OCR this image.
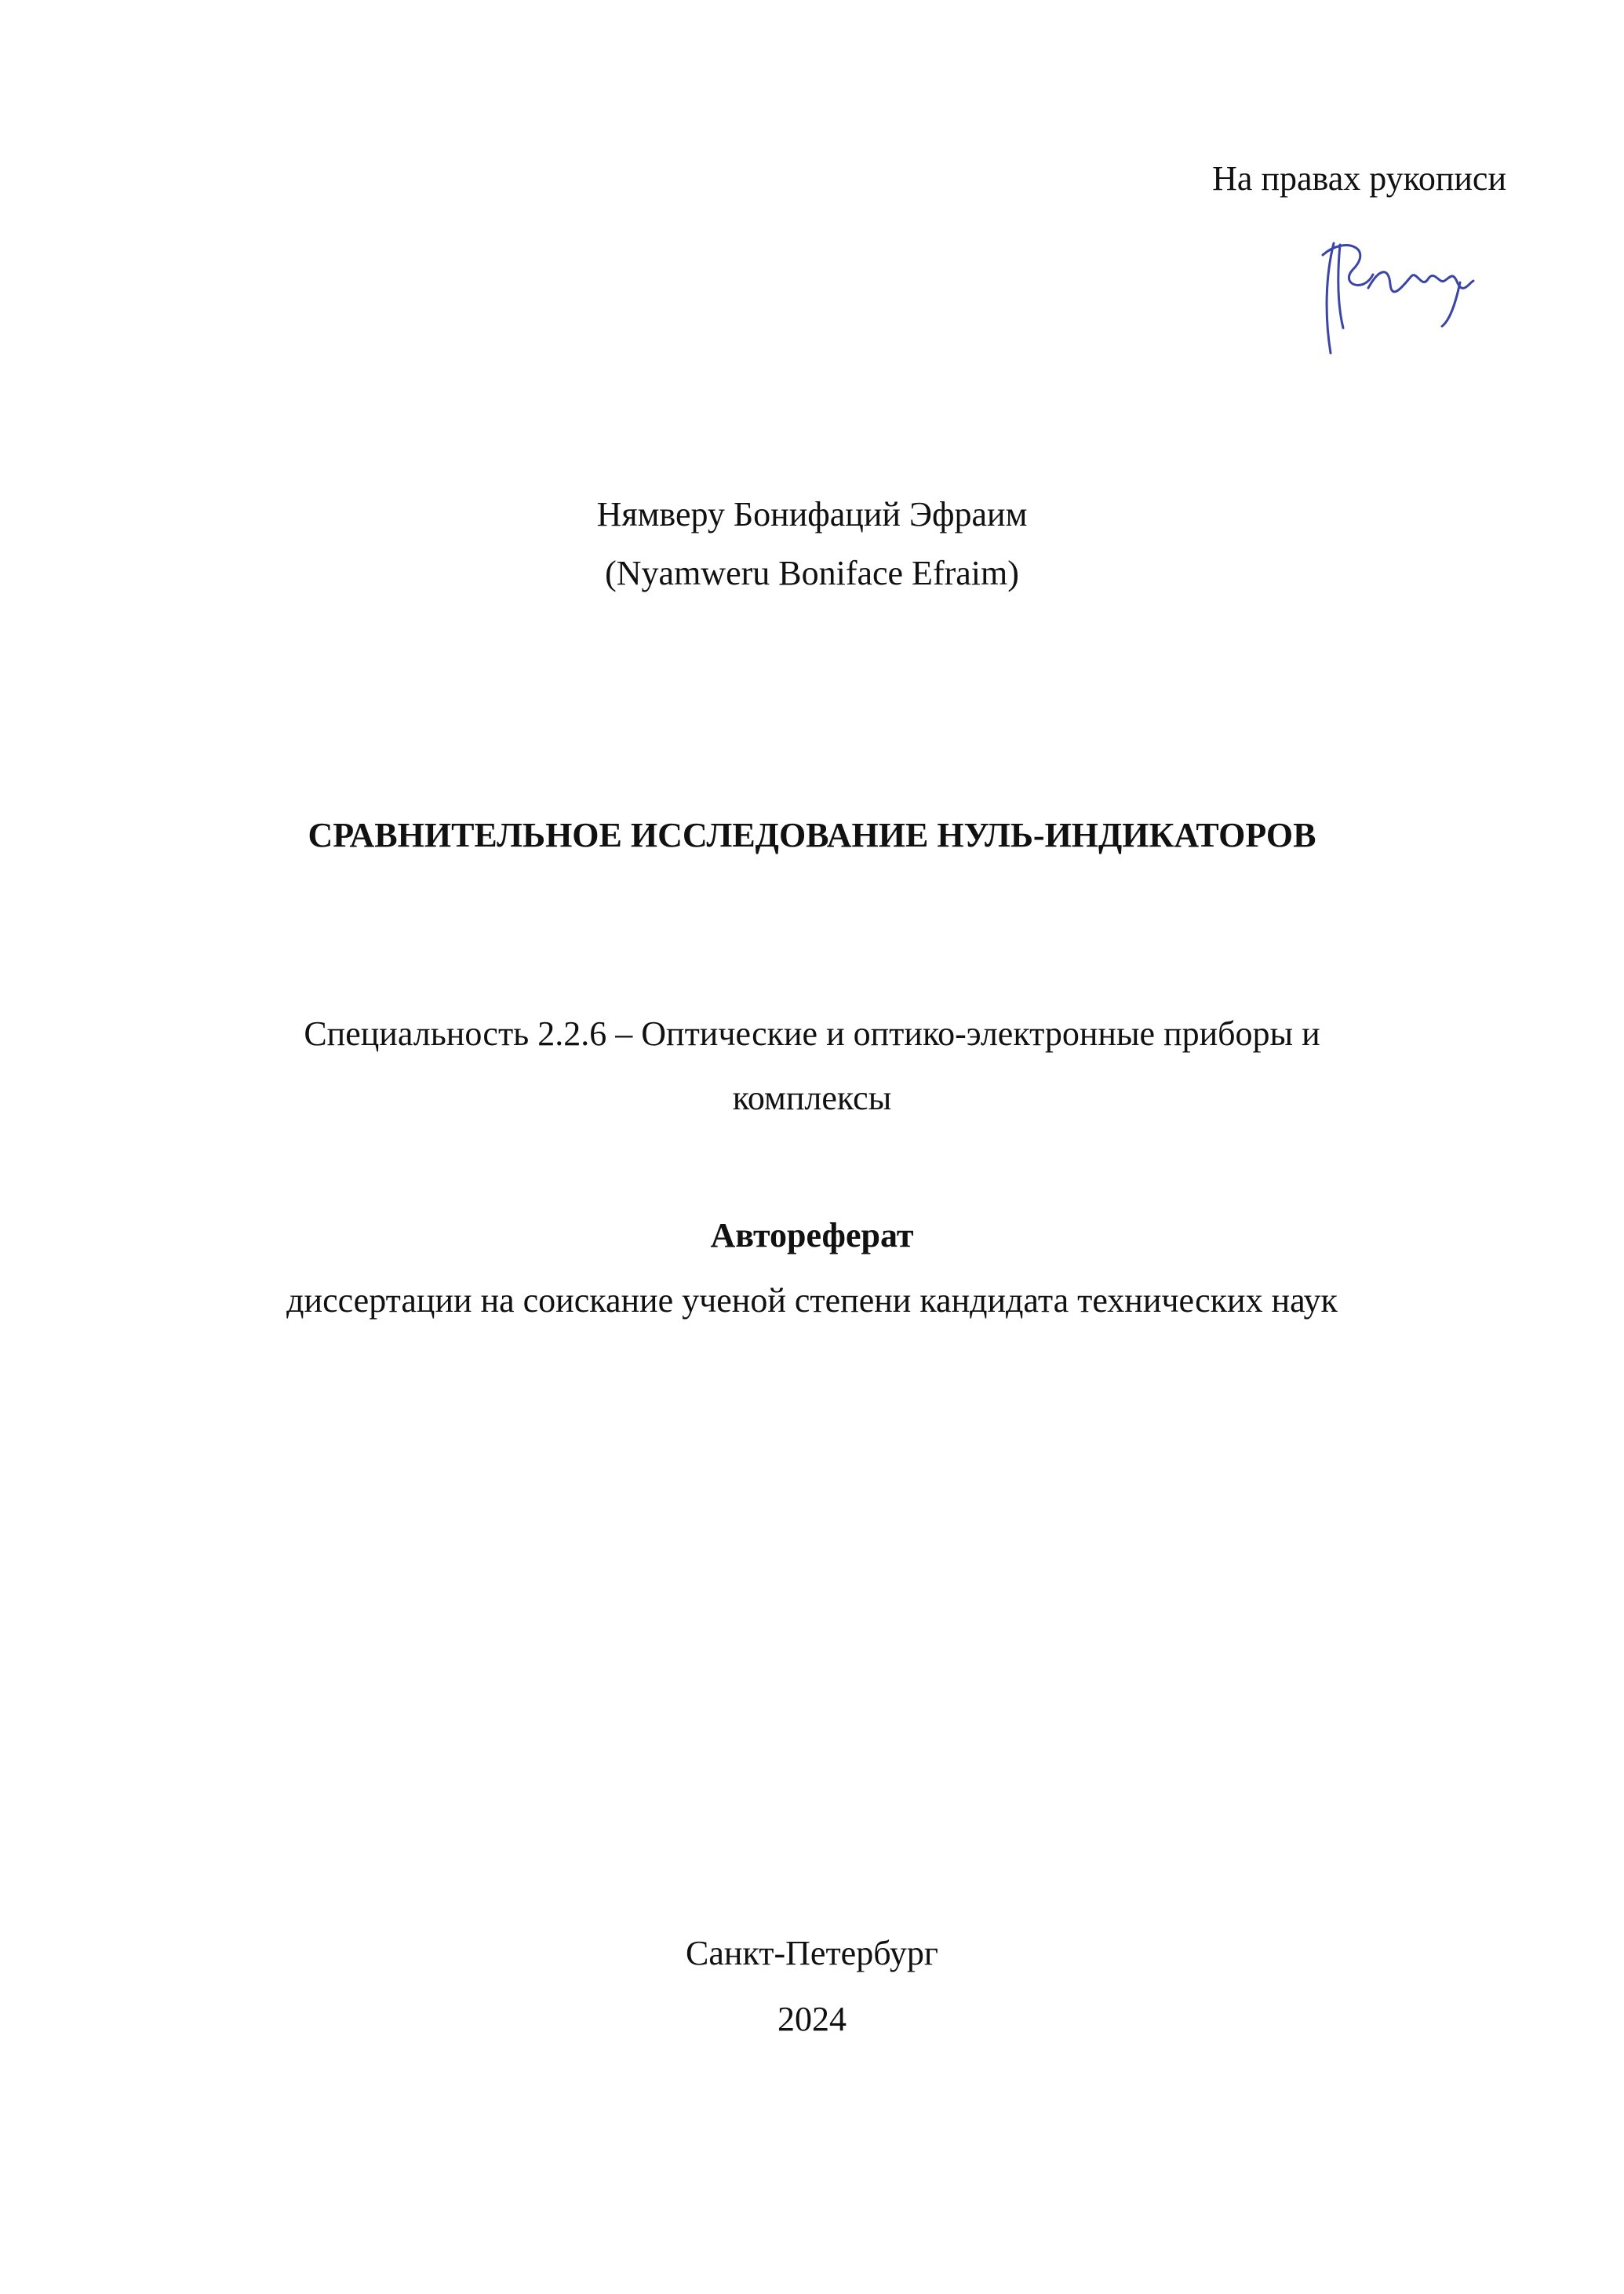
На правах рукописи
Нямверу Бонифаций Эфраим
(Nyamweru Boniface Efraim)
СРАВНИТЕЛЬНОЕ ИССЛЕДОВАНИЕ НУЛЬ-ИНДИКАТОРОВ
Специальность 2.2.6 – Оптические и оптико-электронные приборы и
комплексы
Автореферат
диссертации на соискание ученой степени кандидата технических наук
Санкт-Петербург
2024
